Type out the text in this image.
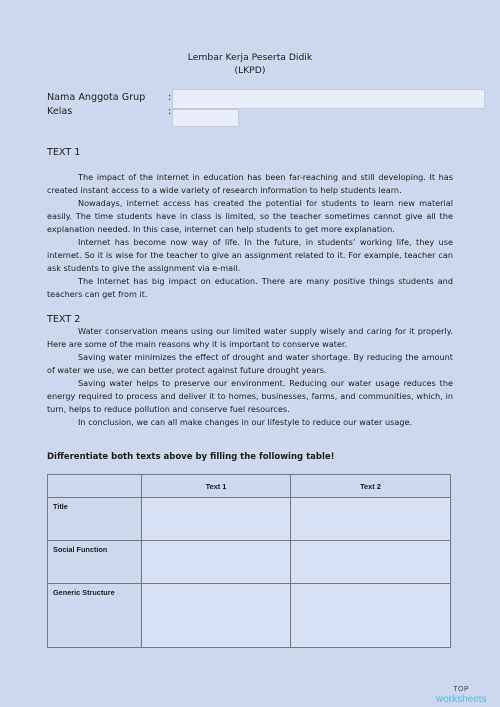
Lembar Kerja Peserta Didik
(LKPD)
Nama Anggota Grup :
Kelas	:
TEXT 1
The impact of the internet in education has been far-reaching and still developing. It has created instant access to a wide variety of research information to help students learn.
Nowadays, internet access has created the potential for students to learn new material easily. The time students have in class is limited, so the teacher sometimes cannot give all the explanation needed. In this case, internet can help students to get more explanation.
Internet has become now way of life. In the future, in students’ working life, they use internet. So it is wise for the teacher to give an assignment related to it. For example, teacher can ask students to give the assignment via e-mail.
The Internet has big impact on education. There are many positive things students and teachers can get from it.
TEXT 2
Water conservation means using our limited water supply wisely and caring for it properly. Here are some of the main reasons why it is important to conserve water.
Saving water minimizes the effect of drought and water shortage. By reducing the amount of water we use, we can better protect against future drought years.
Saving water helps to preserve our environment. Reducing our water usage reduces the energy required to process and deliver it to homes, businesses, farms, and communities, which, in turn, helps to reduce pollution and conserve fuel resources.
In conclusion, we can all make changes in our lifestyle to reduce our water usage.
Differentiate both texts above by filling the following table!
	Text 1	Text 2
Title		
Social Function		
Generic Structure		
TOP
worksheets
